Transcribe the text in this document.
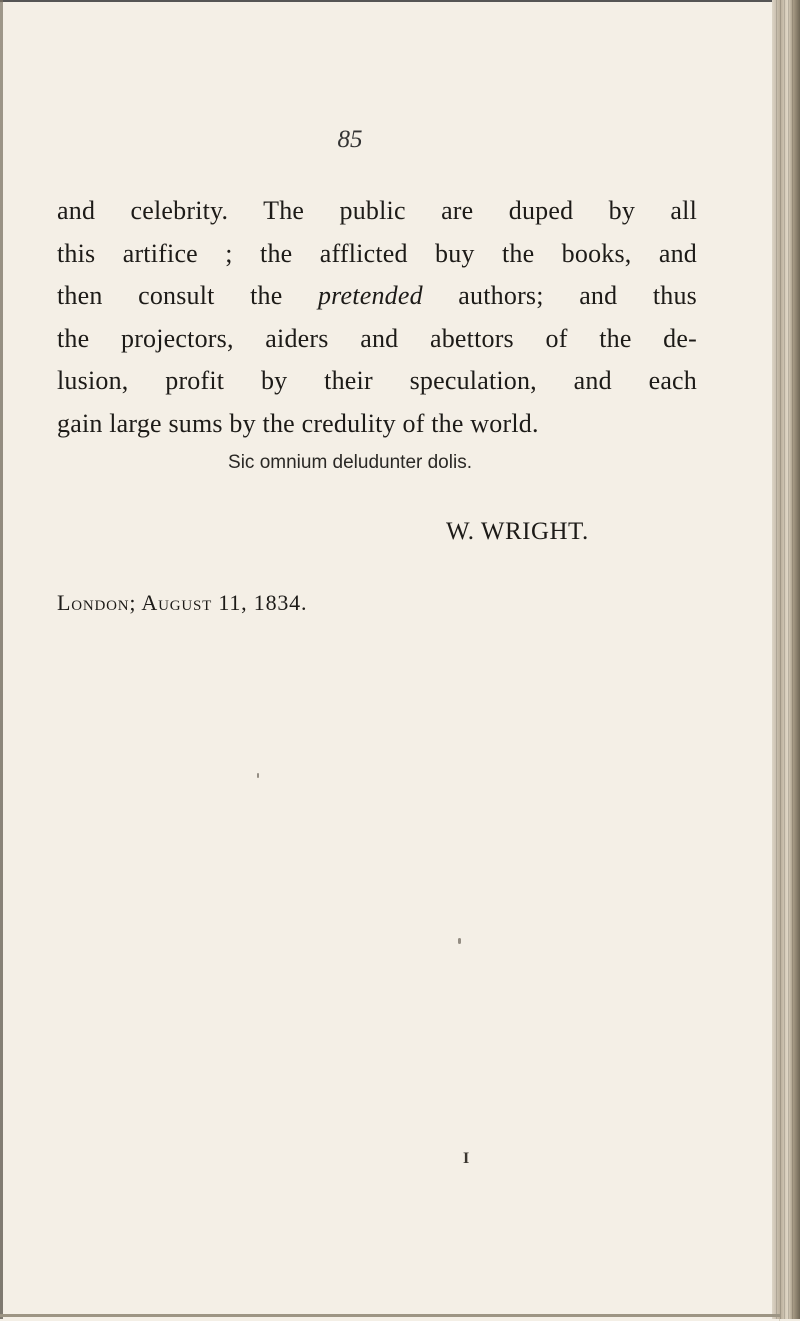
85
and celebrity. The public are duped by all
this artifice ; the afflicted buy the books, and
then consult the pretended authors; and thus
the projectors, aiders and abettors of the de-
lusion, profit by their speculation, and each
gain large sums by the credulity of the world.
Sic omnium deludunter dolis.
W. WRIGHT.
London; August 11, 1834.
I
